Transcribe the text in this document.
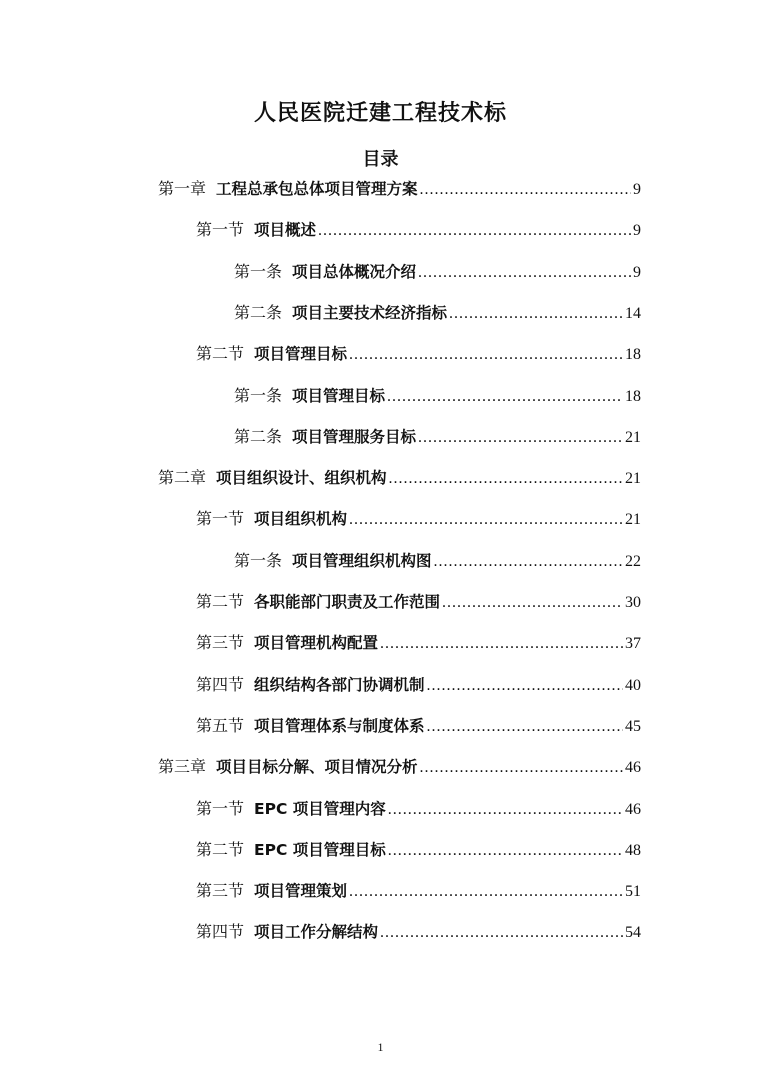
人民医院迁建工程技术标
目录
第一章 工程总承包总体项目管理方案 .....	9
第一节 项目概述 .....	9
第一条 项目总体概况介绍 .....	9
第二条 项目主要技术经济指标 .....	14
第二节 项目管理目标 .....	18
第一条 项目管理目标 .....	18
第二条 项目管理服务目标 .....	21
第二章 项目组织设计、组织机构 .....	21
第一节 项目组织机构 .....	21
第一条 项目管理组织机构图 .....	22
第二节 各职能部门职责及工作范围 .....	30
第三节 项目管理机构配置 .....	37
第四节 组织结构各部门协调机制 .....	40
第五节 项目管理体系与制度体系 .....	45
第三章 项目目标分解、项目情况分析 .....	46
第一节 EPC 项目管理内容 .....	46
第二节 EPC 项目管理目标 .....	48
第三节 项目管理策划 .....	51
第四节 项目工作分解结构 .....	54
1
